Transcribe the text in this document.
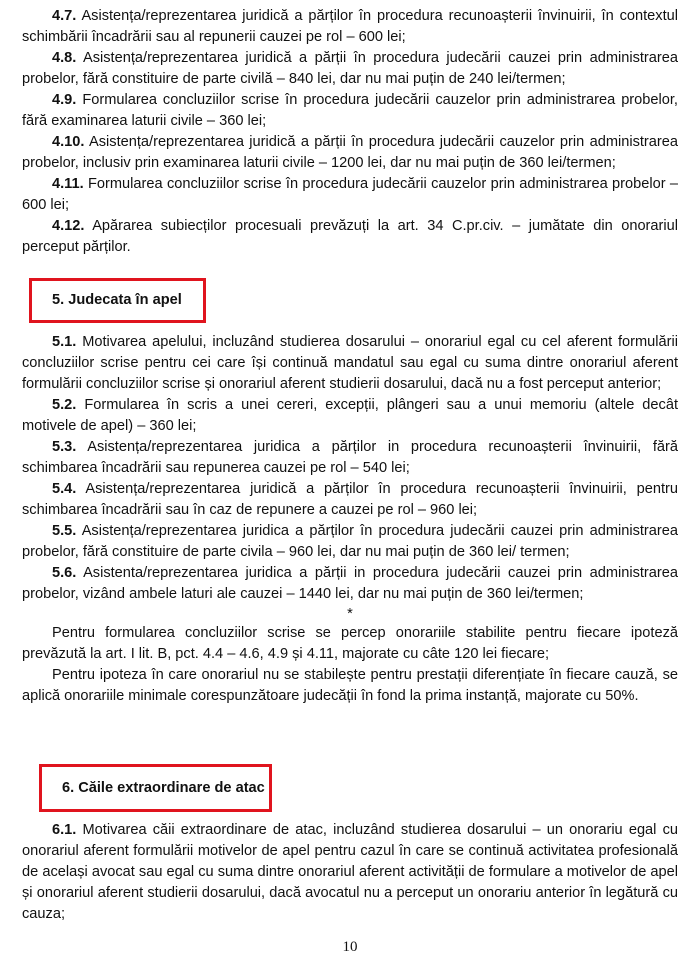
4.7. Asistența/reprezentarea juridică a părților în procedura recunoașterii învinuirii, în contextul schimbării încadrării sau al repunerii cauzei pe rol – 600 lei;

4.8. Asistența/reprezentarea juridică a părții în procedura judecării cauzei prin administrarea probelor, fără constituire de parte civilă – 840 lei, dar nu mai puțin de 240 lei/termen;

4.9. Formularea concluziilor scrise în procedura judecării cauzelor prin administrarea probelor, fără examinarea laturii civile – 360 lei;

4.10. Asistența/reprezentarea juridică a părții în procedura judecării cauzelor prin administrarea probelor, inclusiv prin examinarea laturii civile – 1200 lei, dar nu mai puțin de 360 lei/termen;

4.11. Formularea concluziilor scrise în procedura judecării cauzelor prin administrarea probelor – 600 lei;

4.12. Apărarea subiecților procesuali prevăzuți la art. 34 C.pr.civ. – jumătate din onorariul perceput părților.

5.1. Motivarea apelului, incluzând studierea dosarului – onorariul egal cu cel aferent formulării concluziilor scrise pentru cei care își continuă mandatul sau egal cu suma dintre onorariul aferent formulării concluziilor scrise și onorariul aferent studierii dosarului, dacă nu a fost perceput anterior;

5.2. Formularea în scris a unei cereri, excepții, plângeri sau a unui memoriu (altele decât motivele de apel) – 360 lei;

5.3. Asistența/reprezentarea juridica a părților in procedura recunoașterii învinuirii, fără schimbarea încadrării sau repunerea cauzei pe rol – 540 lei;

5.4. Asistența/reprezentarea juridică a părților în procedura recunoașterii învinuirii, pentru schimbarea încadrării sau în caz de repunere a cauzei pe rol – 960 lei;

5.5. Asistența/reprezentarea juridica a părților în procedura judecării cauzei prin administrarea probelor, fără constituire de parte civila – 960 lei, dar nu mai puțin de 360 lei/ termen;

5.6. Asistenta/reprezentarea juridica a părții in procedura judecării cauzei prin administrarea probelor, vizând ambele laturi ale cauzei – 1440 lei, dar nu mai puțin de 360 lei/termen;

*

Pentru formularea concluziilor scrise se percep onorariile stabilite pentru fiecare ipoteză prevăzută la art. I lit. B, pct. 4.4 – 4.6, 4.9 și 4.11, majorate cu câte 120 lei fiecare;

Pentru ipoteza în care onorariul nu se stabilește pentru prestații diferențiate în fiecare cauză, se aplică onorariile minimale corespunzătoare judecății în fond la prima instanță, majorate cu 50%.

6.1. Motivarea căii extraordinare de atac, incluzând studierea dosarului – un onorariu egal cu onorariul aferent formulării motivelor de apel pentru cazul în care se continuă activitatea profesională de același avocat sau egal cu suma dintre onorariul aferent activității de formulare a motivelor de apel și onorariul aferent studierii dosarului, dacă avocatul nu a perceput un onorariu anterior în legătură cu cauza;

5. Judecata în apel
6. Căile extraordinare de atac
10
